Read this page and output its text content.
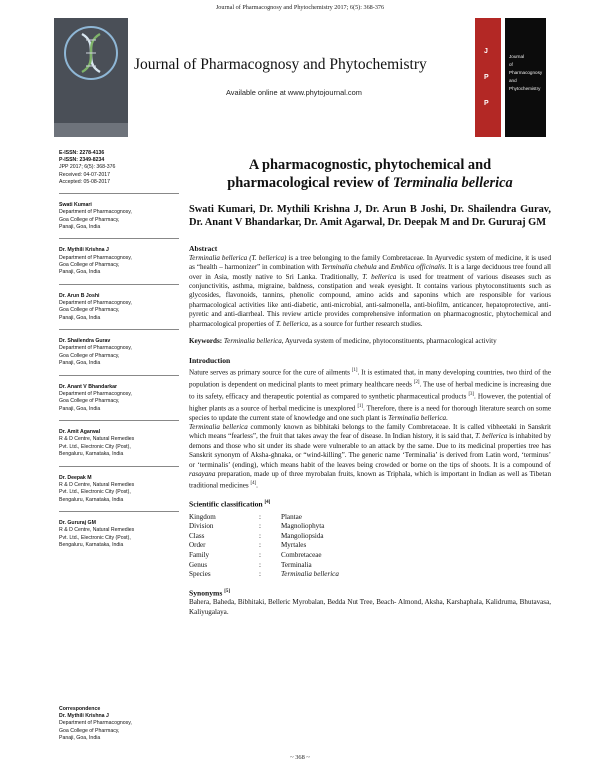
Journal of Pharmacognosy and Phytochemistry 2017; 6(5): 368-376
Journal of Pharmacognosy and Phytochemistry
Available online at www.phytojournal.com
J
P
P
Journal
of
Pharmacognosy
and
Phytochemistry
E-ISSN: 2278-4136
P-ISSN: 2349-8234
JPP 2017; 6(5): 368-376
Received: 04-07-2017
Accepted: 05-08-2017
Swati Kumari
Department of Pharmacognosy,
Goa College of Pharmacy,
Panaji, Goa, India
Dr. Mythili Krishna J
Department of Pharmacognosy,
Goa College of Pharmacy,
Panaji, Goa, India
Dr. Arun B Joshi
Department of Pharmacognosy,
Goa College of Pharmacy,
Panaji, Goa, India
Dr. Shailendra Gurav
Department of Pharmacognosy,
Goa College of Pharmacy,
Panaji, Goa, India
Dr. Anant V Bhandarkar
Department of Pharmacognosy,
Goa College of Pharmacy,
Panaji, Goa, India
Dr. Amit Agarwal
R & D Centre, Natural Remedies
Pvt. Ltd., Electronic City (Post),
Bengaluru, Karnataka, India
Dr. Deepak M
R & D Centre, Natural Remedies
Pvt. Ltd., Electronic City (Post),
Bengaluru, Karnataka, India
Dr. Gururaj GM
R & D Centre, Natural Remedies
Pvt. Ltd., Electronic City (Post),
Bengaluru, Karnataka, India
Correspondence
Dr. Mythili Krishna J
Department of Pharmacognosy,
Goa College of Pharmacy,
Panaji, Goa, India
A pharmacognostic, phytochemical and
pharmacological review of Terminalia bellerica
Swati Kumari, Dr. Mythili Krishna J, Dr. Arun B Joshi, Dr. Shailendra Gurav, Dr. Anant V Bhandarkar, Dr. Amit Agarwal, Dr. Deepak M and Dr. Gururaj GM
Abstract
Terminalia bellerica (T. bellerica) is a tree belonging to the family Combretaceae. In Ayurvedic system of medicine, it is used as “health – harmonizer” in combination with Terminalia chebula and Emblica officinalis. It is a large deciduous tree found all over in Asia, mostly native to Sri Lanka. Traditionally, T. bellerica is used for treatment of various diseases such as conjunctivitis, asthma, migraine, baldness, constipation and weak eyesight. It contains various phytoconstituents such as glycosides, flavonoids, tannins, phenolic compound, amino acids and saponins which are responsible for various pharmacological activities like anti-diabetic, anti-microbial, anti-salmonella, anti-biofilm, anticancer, hepatoprotective, anti-pyretic and anti-diarrheal. This review article provides comprehensive information on pharmacognostic, phytochemical and pharmacological properties of T. bellerica, as a source for further research studies.
Keywords: Terminalia bellerica, Ayurveda system of medicine, phytoconstituents, pharmacological activity
Introduction
Nature serves as primary source for the cure of ailments [1]. It is estimated that, in many developing countries, two third of the population is dependent on medicinal plants to meet primary healthcare needs [2]. The use of herbal medicine is increasing due to its safety, efficacy and therapeutic potential as compared to synthetic pharmaceutical products [3]. However, the potential of higher plants as a source of herbal medicine is unexplored [1]. Therefore, there is a need for thorough literature search on some species to update the current state of knowledge and one such plant is Terminalia bellerica.
Terminalia bellerica commonly known as bibhitaki belongs to the family Combretaceae. It is called vibheetaki in Sanskrit which means “fearless”, the fruit that takes away the fear of disease. In Indian history, it is said that, T. bellerica is inhabited by demons and those who sit under its shade were vulnerable to an attack by the same. Due to its medicinal properties tree has Sanskrit synonym of Aksha-ghnaka, or “wind-killing”. The generic name ‘Terminalia’ is derived from Latin word, ‘terminus’ or ‘terminalis’ (ending), which means habit of the leaves being crowded or borne on the tips of shoots. It is a compound of rasayana preparation, made up of three myrobalan fruits, known as Triphala, which is important in Indian as well as Tibetan traditional medicines [4].
Scientific classification [4]
Kingdom	:	Plantae
Division	:	Magnoliophyta
Class	:	Mangoliopsida
Order	:	Myrtales
Family	:	Combretaceae
Genus	:	Terminalia
Species	:	Terminalia bellerica
Synonyms [5]
Bahera, Baheda, Bibhitaki, Belleric Myrobalan, Bedda Nut Tree, Beach- Almond, Aksha, Karshaphala, Kalidruma, Bhutavasa, Kaliyugalaya.
~ 368 ~
